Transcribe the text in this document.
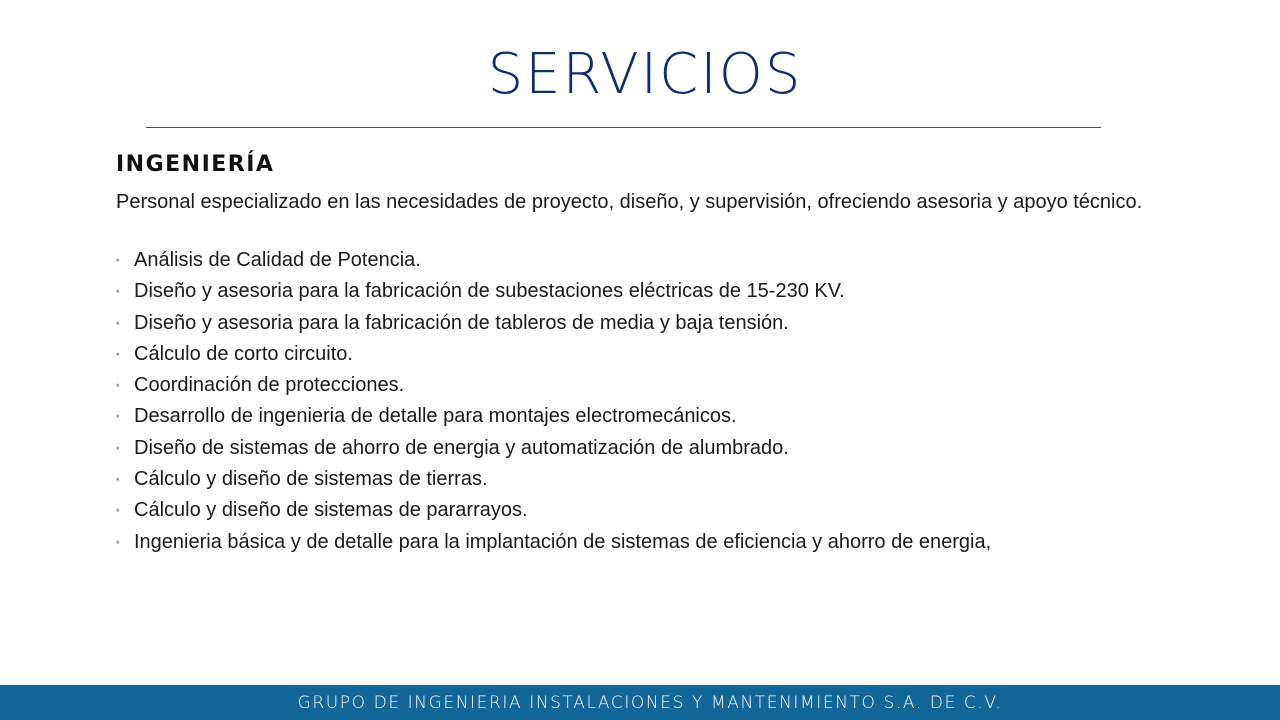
SERVICIOS
INGENIERÍA

Personal especializado en las necesidades de proyecto, diseño, y supervisión, ofreciendo asesoria y apoyo técnico.

* Análisis de Calidad de Potencia.
* Diseño y asesoria para la fabricación de subestaciones eléctricas de 15-230 KV.
* Diseño y asesoria para la fabricación de tableros de media y baja tensión.
* Cálculo de corto circuito.
* Coordinación de protecciones.
* Desarrollo de ingenieria de detalle para montajes electromecánicos.
* Diseño de sistemas de ahorro de energia y automatización de alumbrado.
* Cálculo y diseño de sistemas de tierras.
* Cálculo y diseño de sistemas de pararrayos.
* Ingenieria básica y de detalle para la implantación de sistemas de eficiencia y ahorro de energia,
GRUPO DE INGENIERIA INSTALACIONES Y MANTENIMIENTO S.A. DE C.V.
